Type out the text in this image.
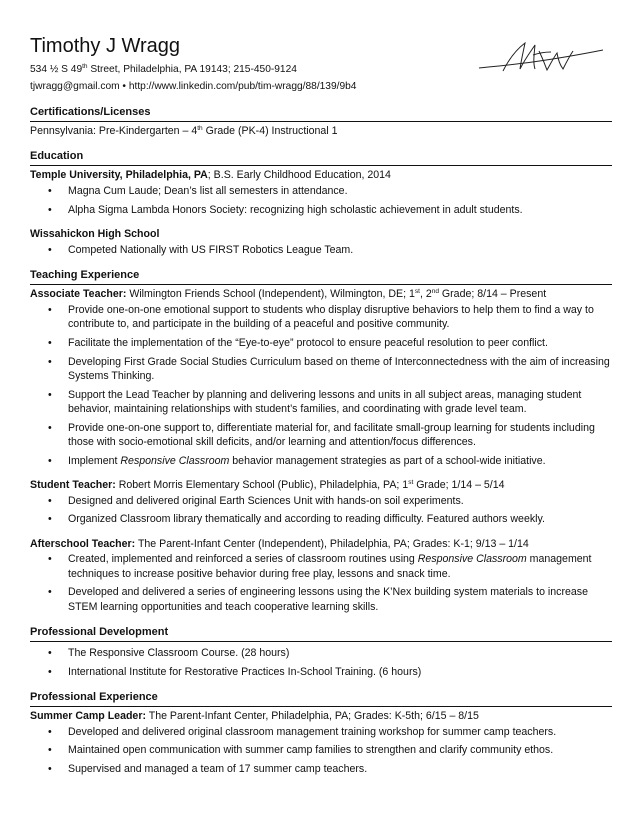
Timothy J Wragg
534 ½ S 49th Street, Philadelphia, PA 19143; 215-450-9124
tjwragg@gmail.com • http://www.linkedin.com/pub/tim-wragg/88/139/9b4
Certifications/Licenses
Pennsylvania: Pre-Kindergarten – 4th Grade (PK-4) Instructional 1
Education
Temple University, Philadelphia, PA; B.S. Early Childhood Education, 2014
• Magna Cum Laude; Dean’s list all semesters in attendance.
• Alpha Sigma Lambda Honors Society: recognizing high scholastic achievement in adult students.
Wissahickon High School
• Competed Nationally with US FIRST Robotics League Team.
Teaching Experience
Associate Teacher: Wilmington Friends School (Independent), Wilmington, DE; 1st, 2nd Grade; 8/14 – Present
• Provide one-on-one emotional support to students who display disruptive behaviors to help them to find a way to contribute to, and participate in the building of a peaceful and positive community.
• Facilitate the implementation of the “Eye-to-eye” protocol to ensure peaceful resolution to peer conflict.
• Developing First Grade Social Studies Curriculum based on theme of Interconnectedness with the aim of increasing Systems Thinking.
• Support the Lead Teacher by planning and delivering lessons and units in all subject areas, managing student behavior, maintaining relationships with student’s families, and coordinating with grade level team.
• Provide one-on-one support to, differentiate material for, and facilitate small-group learning for students including those with socio-emotional skill deficits, and/or learning and attention/focus differences.
• Implement Responsive Classroom behavior management strategies as part of a school-wide initiative.
Student Teacher: Robert Morris Elementary School (Public), Philadelphia, PA; 1st Grade; 1/14 – 5/14
• Designed and delivered original Earth Sciences Unit with hands-on soil experiments.
• Organized Classroom library thematically and according to reading difficulty. Featured authors weekly.
Afterschool Teacher: The Parent-Infant Center (Independent), Philadelphia, PA; Grades: K-1; 9/13 – 1/14
• Created, implemented and reinforced a series of classroom routines using Responsive Classroom management techniques to increase positive behavior during free play, lessons and snack time.
• Developed and delivered a series of engineering lessons using the K’Nex building system materials to increase STEM learning opportunities and teach cooperative learning skills.
Professional Development
• The Responsive Classroom Course. (28 hours)
• International Institute for Restorative Practices In-School Training. (6 hours)
Professional Experience
Summer Camp Leader: The Parent-Infant Center, Philadelphia, PA; Grades: K-5th; 6/15 – 8/15
• Developed and delivered original classroom management training workshop for summer camp teachers.
• Maintained open communication with summer camp families to strengthen and clarify community ethos.
• Supervised and managed a team of 17 summer camp teachers.
